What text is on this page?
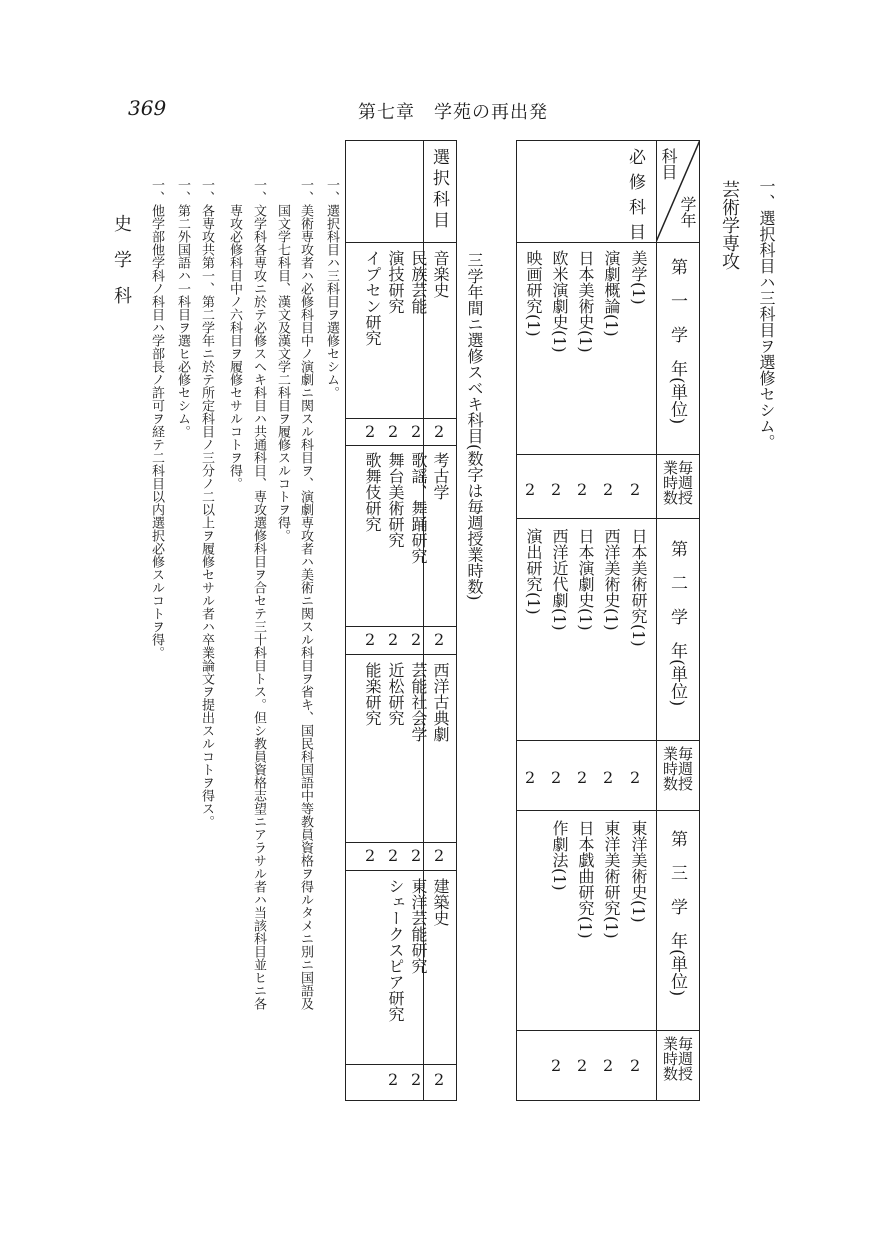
369	第七章　学苑の再出発
一、選択科目ハ三科目ヲ選修セシム。
芸術学専攻
学年
科目
必修科目
第　一　学　年(単位)
美学(1)
演劇概論(1)
日本美術史(1)
欧米演劇史(1)
映画研究(1)
毎週授業時数
2
2
2
2
2
第　二　学　年(単位)
日本美術研究(1)
西洋美術史(1)
日本演劇史(1)
西洋近代劇(1)
演出研究(1)
毎週授業時数
2
2
2
2
2
第　三　学　年(単位)
東洋美術史(1)
東洋美術研究(1)
日本戯曲研究(1)
作劇法(1)
毎週授業時数
2
2
2
2
三学年間ニ選修スベキ科目(数字は毎週授業時数)
選択科目
音楽史
民族芸能
演技研究
イプセン研究
2
2
2
2
考古学
歌謡、舞踊研究
舞台美術研究
歌舞伎研究
2
2
2
2
西洋古典劇
芸能社会学
近松研究
能楽研究
2
2
2
2
建築史
東洋芸能研究
シェークスピア研究
2
2
2
一、選択科目ハ三科目ヲ選修セシム。
一、美術専攻者ハ必修科目中ノ演劇ニ関スル科目ヲ、演劇専攻者ハ美術ニ関スル科目ヲ省キ、国民科国語中等教員資格ヲ得ルタメニ別ニ国語及
国文学七科目、漢文及漢文学二科目ヲ履修スルコトヲ得。
一、文学科各専攻ニ於テ必修スヘキ科目ハ共通科目、専攻選修科目ヲ合セテ三十科目トス。但シ教員資格志望ニアラサル者ハ当該科目並ヒニ各
専攻必修科目中ノ六科目ヲ履修セサルコトヲ得。
一、各専攻共第一、第二学年ニ於テ所定科目ノ三分ノ二以上ヲ履修セサル者ハ卒業論文ヲ提出スルコトヲ得ス。
一、第二外国語ハ一科目ヲ選ヒ必修セシム。
一、他学部他学科ノ科目ハ学部長ノ許可ヲ経テ二科目以内選択必修スルコトヲ得。
史　学　科
